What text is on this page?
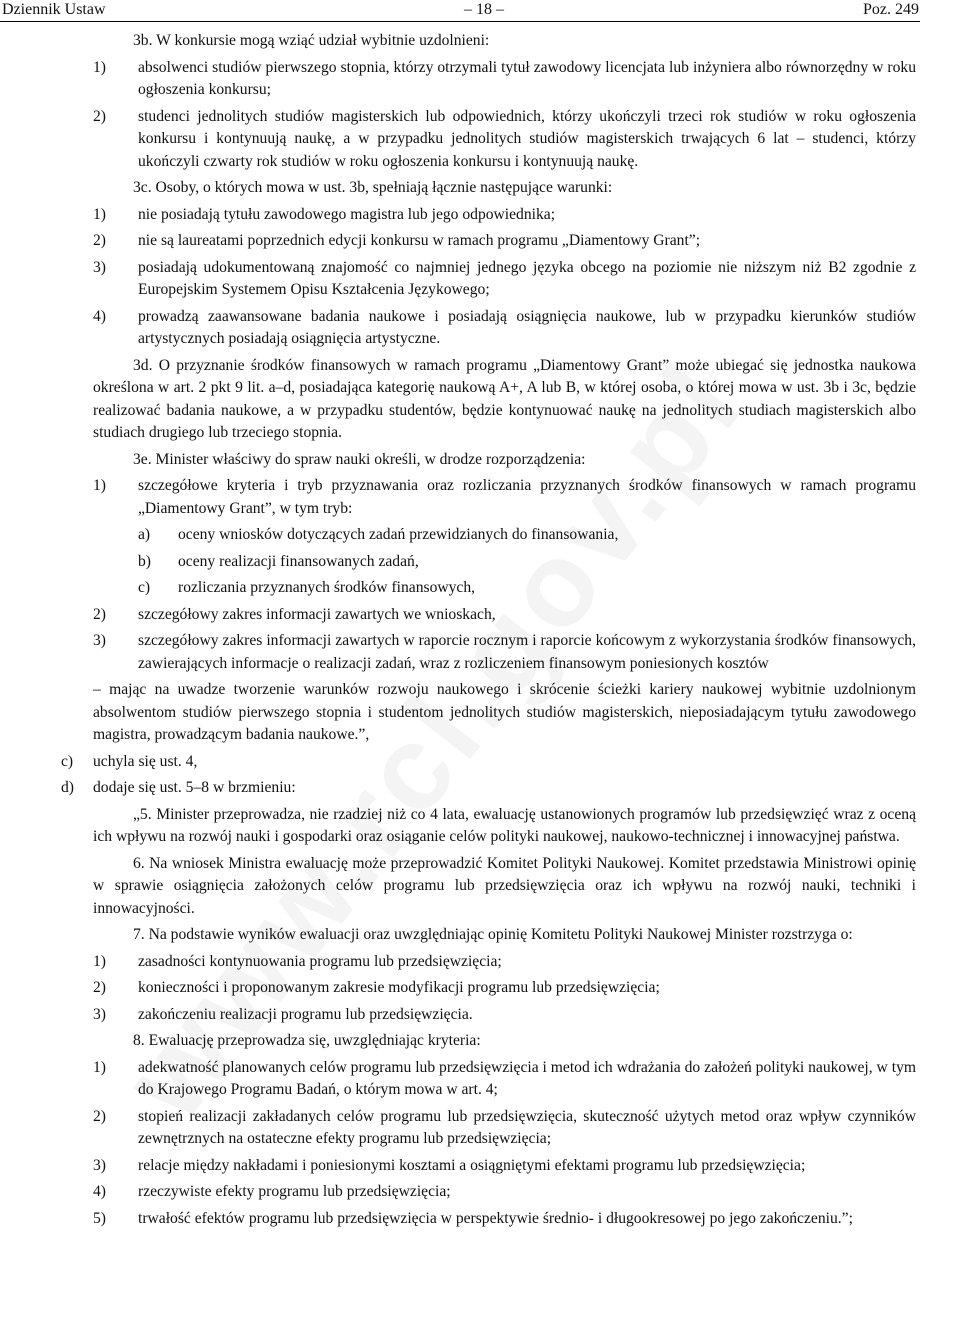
Dziennik Ustaw	– 18 –	Poz. 249

3b. W konkursie mogą wziąć udział wybitnie uzdolnieni:

1) absolwenci studiów pierwszego stopnia, którzy otrzymali tytuł zawodowy licencjata lub inżyniera albo równorzędny w roku ogłoszenia konkursu;
2) studenci jednolitych studiów magisterskich lub odpowiednich, którzy ukończyli trzeci rok studiów w roku ogłoszenia konkursu i kontynuują naukę, a w przypadku jednolitych studiów magisterskich trwających 6 lat – studenci, którzy ukończyli czwarty rok studiów w roku ogłoszenia konkursu i kontynuują naukę.

3c. Osoby, o których mowa w ust. 3b, spełniają łącznie następujące warunki:

1) nie posiadają tytułu zawodowego magistra lub jego odpowiednika;
2) nie są laureatami poprzednich edycji konkursu w ramach programu „Diamentowy Grant”;
3) posiadają udokumentowaną znajomość co najmniej jednego języka obcego na poziomie nie niższym niż B2 zgodnie z Europejskim Systemem Opisu Kształcenia Językowego;
4) prowadzą zaawansowane badania naukowe i posiadają osiągnięcia naukowe, lub w przypadku kierunków studiów artystycznych posiadają osiągnięcia artystyczne.

3d. O przyznanie środków finansowych w ramach programu „Diamentowy Grant” może ubiegać się jednostka naukowa określona w art. 2 pkt 9 lit. a–d, posiadająca kategorię naukową A+, A lub B, w której osoba, o której mowa w ust. 3b i 3c, będzie realizować badania naukowe, a w przypadku studentów, będzie kontynuować naukę na jednolitych studiach magisterskich albo studiach drugiego lub trzeciego stopnia.

3e. Minister właściwy do spraw nauki określi, w drodze rozporządzenia:

1) szczegółowe kryteria i tryb przyznawania oraz rozliczania przyznanych środków finansowych w ramach programu „Diamentowy Grant”, w tym tryb:
a) oceny wniosków dotyczących zadań przewidzianych do finansowania,
b) oceny realizacji finansowanych zadań,
c) rozliczania przyznanych środków finansowych,
2) szczegółowy zakres informacji zawartych we wnioskach,
3) szczegółowy zakres informacji zawartych w raporcie rocznym i raporcie końcowym z wykorzystania środków finansowych, zawierających informacje o realizacji zadań, wraz z rozliczeniem finansowym poniesionych kosztów

– mając na uwadze tworzenie warunków rozwoju naukowego i skrócenie ścieżki kariery naukowej wybitnie uzdolnionym absolwentom studiów pierwszego stopnia i studentom jednolitych studiów magisterskich, nieposiadającym tytułu zawodowego magistra, prowadzącym badania naukowe.”,

c) uchyla się ust. 4,
d) dodaje się ust. 5–8 w brzmieniu:

„5. Minister przeprowadza, nie rzadziej niż co 4 lata, ewaluację ustanowionych programów lub przedsięwzięć wraz z oceną ich wpływu na rozwój nauki i gospodarki oraz osiąganie celów polityki naukowej, naukowo-technicznej i innowacyjnej państwa.

6. Na wniosek Ministra ewaluację może przeprowadzić Komitet Polityki Naukowej. Komitet przedstawia Ministrowi opinię w sprawie osiągnięcia założonych celów programu lub przedsięwzięcia oraz ich wpływu na rozwój nauki, techniki i innowacyjności.

7. Na podstawie wyników ewaluacji oraz uwzględniając opinię Komitetu Polityki Naukowej Minister rozstrzyga o:

1) zasadności kontynuowania programu lub przedsięwzięcia;
2) konieczności i proponowanym zakresie modyfikacji programu lub przedsięwzięcia;
3) zakończeniu realizacji programu lub przedsięwzięcia.

8. Ewaluację przeprowadza się, uwzględniając kryteria:

1) adekwatność planowanych celów programu lub przedsięwzięcia i metod ich wdrażania do założeń polityki naukowej, w tym do Krajowego Programu Badań, o którym mowa w art. 4;
2) stopień realizacji zakładanych celów programu lub przedsięwzięcia, skuteczność użytych metod oraz wpływ czynników zewnętrznych na ostateczne efekty programu lub przedsięwzięcia;
3) relacje między nakładami i poniesionymi kosztami a osiągniętymi efektami programu lub przedsięwzięcia;
4) rzeczywiste efekty programu lub przedsięwzięcia;
5) trwałość efektów programu lub przedsięwzięcia w perspektywie średnio- i długookresowej po jego zakończeniu.”;
